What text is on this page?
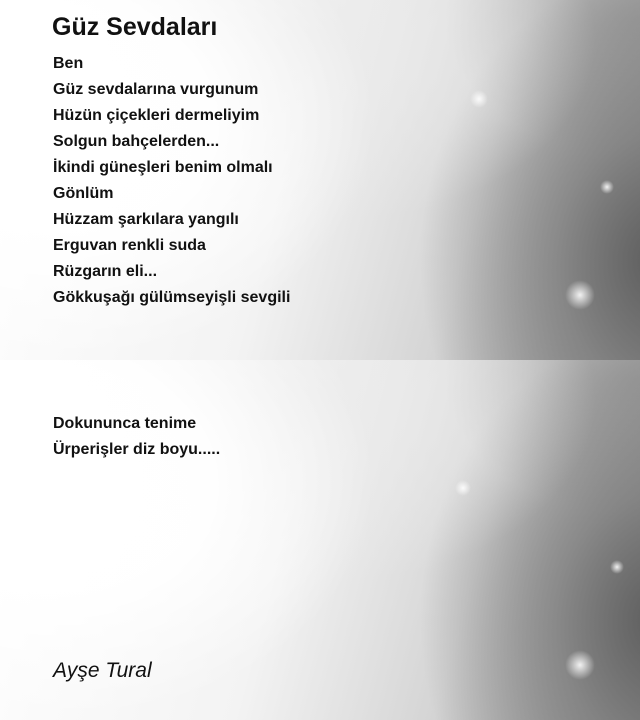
Güz Sevdaları
Ben
Güz sevdalarına vurgunum
Hüzün çiçekleri dermeliyim
Solgun bahçelerden...
İkindi güneşleri benim olmalı
Gönlüm
Hüzzam şarkılara yangılı
Erguvan renkli suda
Rüzgarın eli...
Gökkuşağı gülümseyişli sevgili
Dokununca tenime
Ürperişler diz boyu.....
Ayşe Tural
